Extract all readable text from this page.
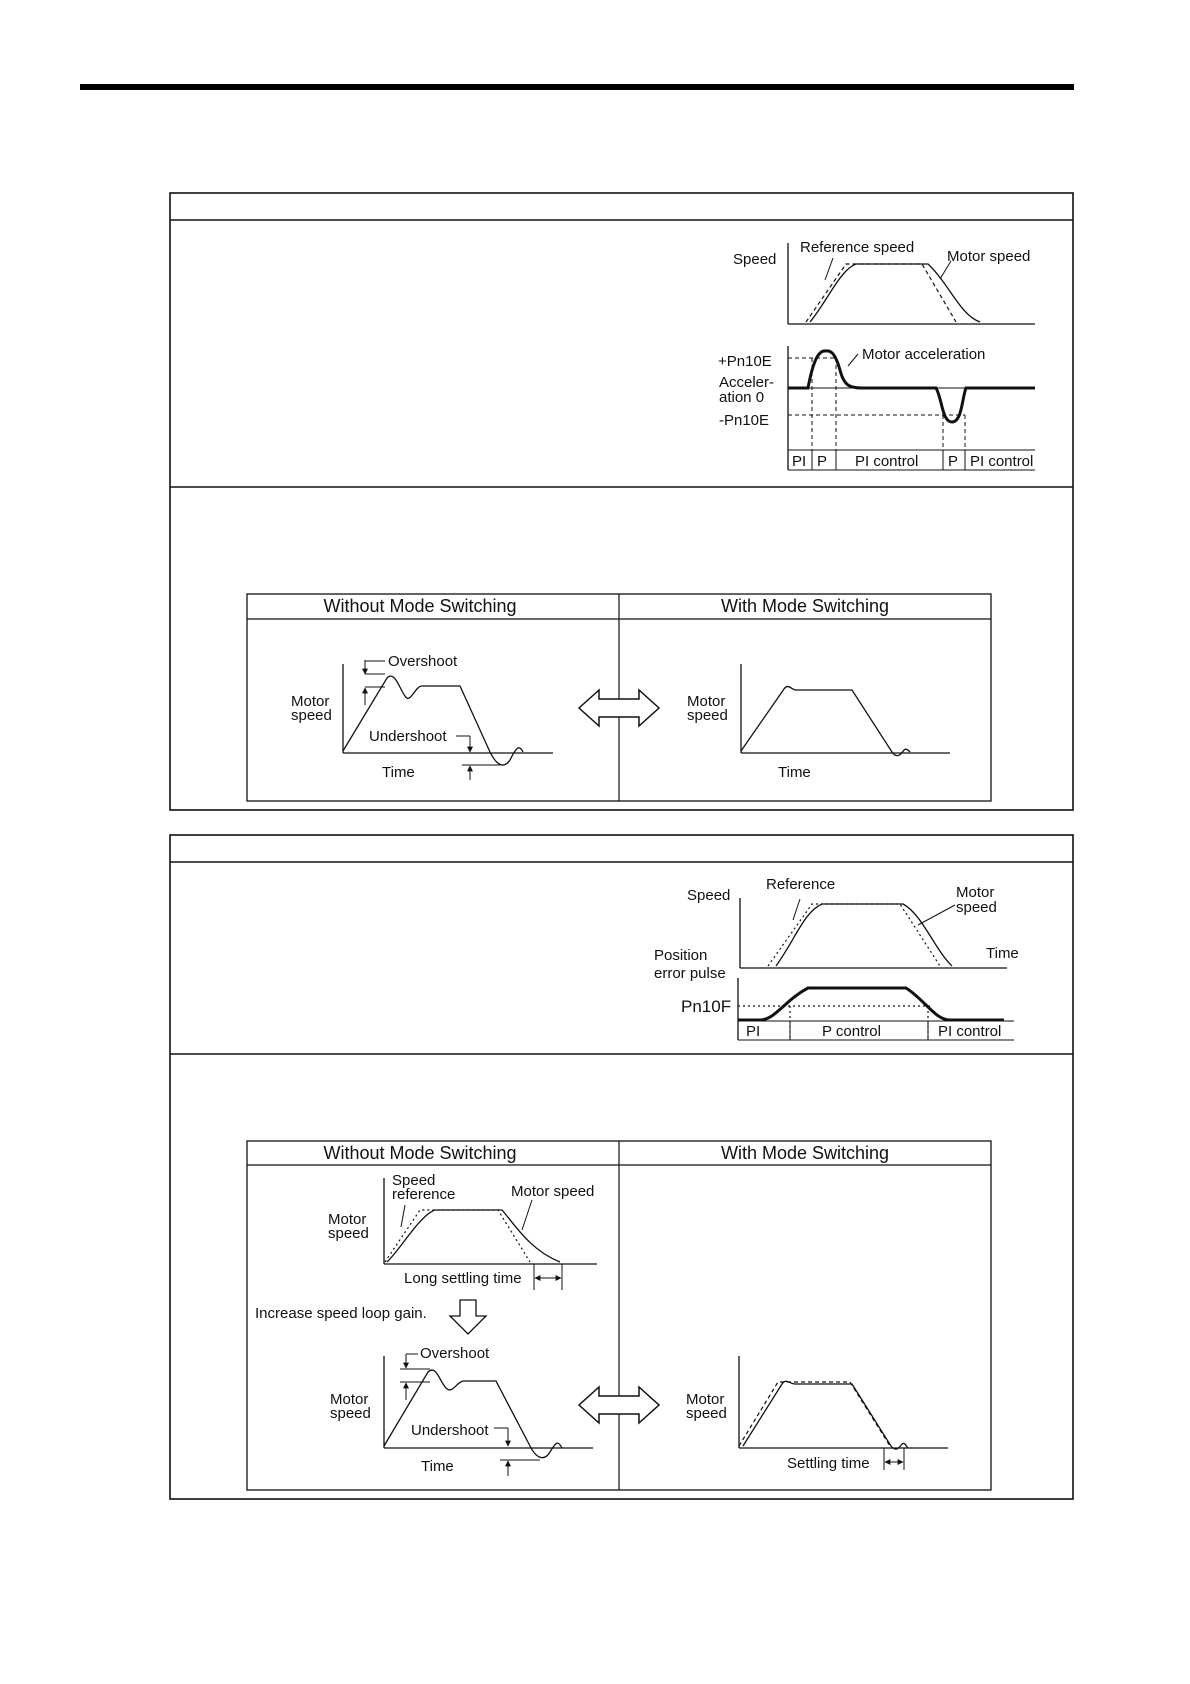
Speed
Reference speed
Motor speed
+Pn10E
Acceler-
ation 0
-Pn10E
Motor acceleration
PI P PI control P PI control
Without Mode Switching	With Mode Switching
Motor
speed
Overshoot
Undershoot
Time
Motor
speed
Time
Speed
Reference	Motor
speed
Time
Position
error pulse
Pn10F
PI	P control	PI control
Without Mode Switching	With Mode Switching
Speed
reference	Motor speed
Motor
speed
Long settling time
Increase speed loop gain.
Overshoot
Motor
speed
Undershoot
Time
Motor
speed
Settling time
